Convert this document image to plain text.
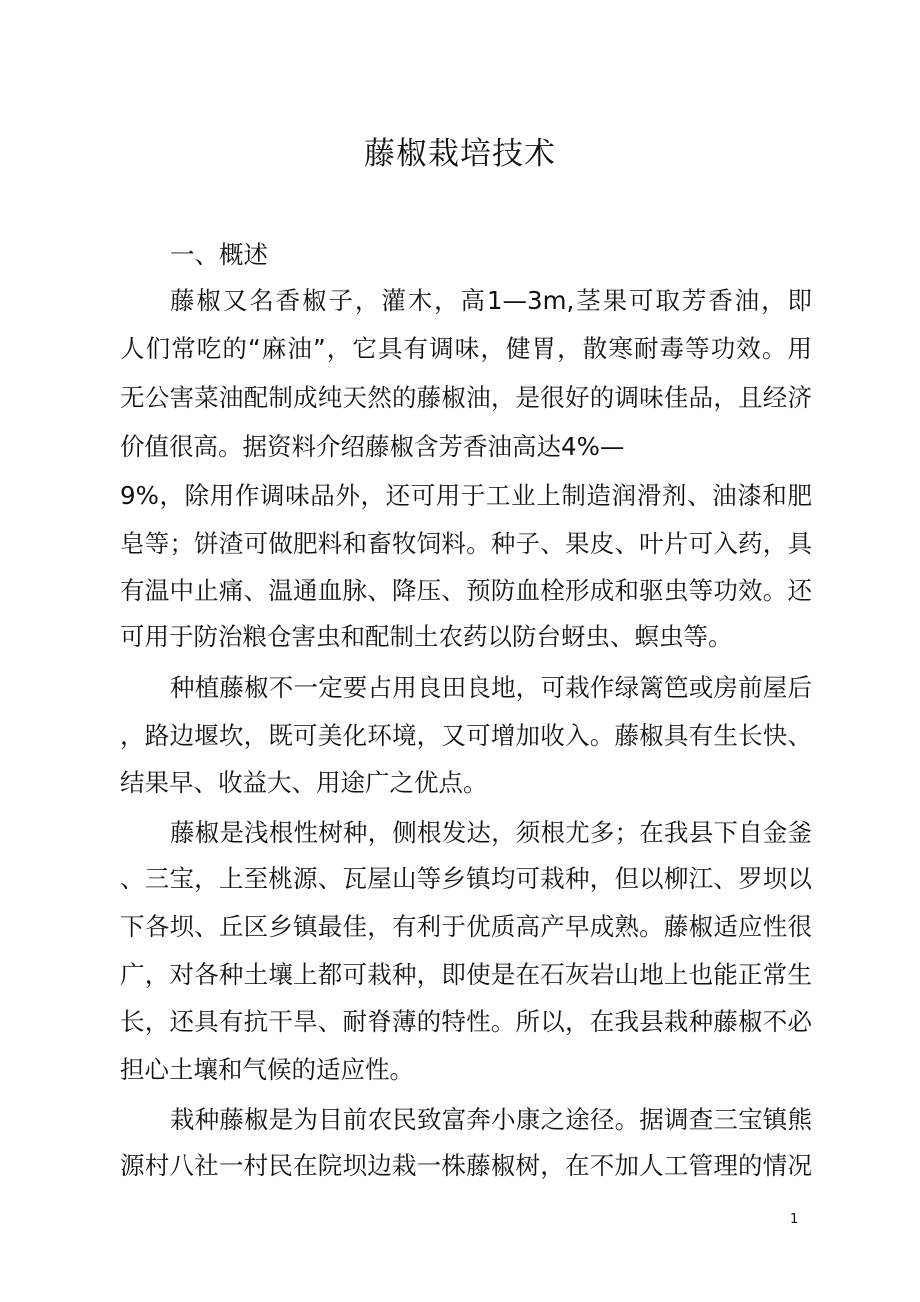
藤椒栽培技术
一、概述
藤椒又名香椒子，灌木，高1—3m,茎果可取芳香油，即
人们常吃的“麻油”，它具有调味，健胃，散寒耐毒等功效。用
无公害菜油配制成纯天然的藤椒油，是很好的调味佳品，且经济
价值很高。据资料介绍藤椒含芳香油高达4%—
9%，除用作调味品外，还可用于工业上制造润滑剂、油漆和肥
皂等；饼渣可做肥料和畜牧饲料。种子、果皮、叶片可入药，具
有温中止痛、温通血脉、降压、预防血栓形成和驱虫等功效。还
可用于防治粮仓害虫和配制土农药以防台蚜虫、螟虫等。
种植藤椒不一定要占用良田良地，可栽作绿篱笆或房前屋后
，路边堰坎，既可美化环境，又可增加收入。藤椒具有生长快、
结果早、收益大、用途广之优点。
藤椒是浅根性树种，侧根发达，须根尤多；在我县下自金釜
、三宝，上至桃源、瓦屋山等乡镇均可栽种，但以柳江、罗坝以
下各坝、丘区乡镇最佳，有利于优质高产早成熟。藤椒适应性很
广，对各种土壤上都可栽种，即使是在石灰岩山地上也能正常生
长，还具有抗干旱、耐脊薄的特性。所以，在我县栽种藤椒不必
担心土壤和气候的适应性。
栽种藤椒是为目前农民致富奔小康之途径。据调查三宝镇熊
源村八社一村民在院坝边栽一株藤椒树，在不加人工管理的情况
1
